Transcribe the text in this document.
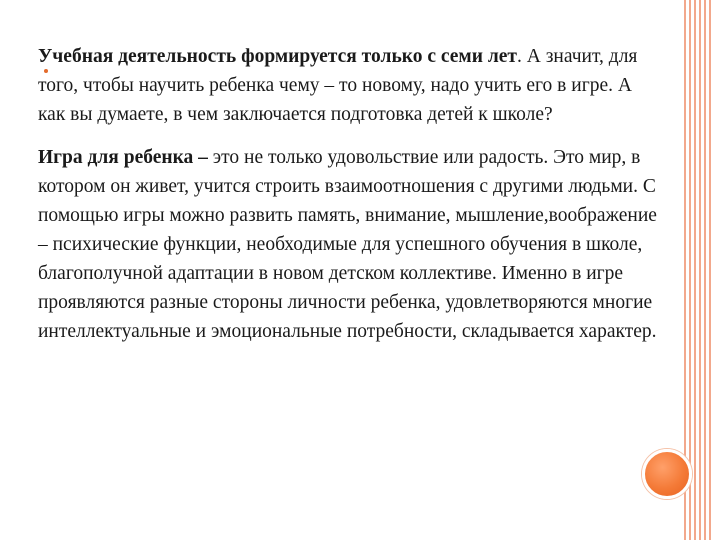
Учебная деятельность формируется только с семи лет. А значит, для того, чтобы научить ребенка чему – то новому, надо учить его в игре. А как вы думаете, в чем заключается подготовка детей к школе?

Игра для ребенка – это не только удовольствие или радость. Это мир, в котором он живет, учится строить взаимоотношения с другими людьми. С помощью игры можно развить память, внимание, мышление,воображение – психические функции, необходимые для успешного обучения в школе, благополучной адаптации в новом детском коллективе. Именно в игре проявляются разные стороны личности ребенка, удовлетворяются многие интеллектуальные и эмоциональные потребности, складывается характер.
